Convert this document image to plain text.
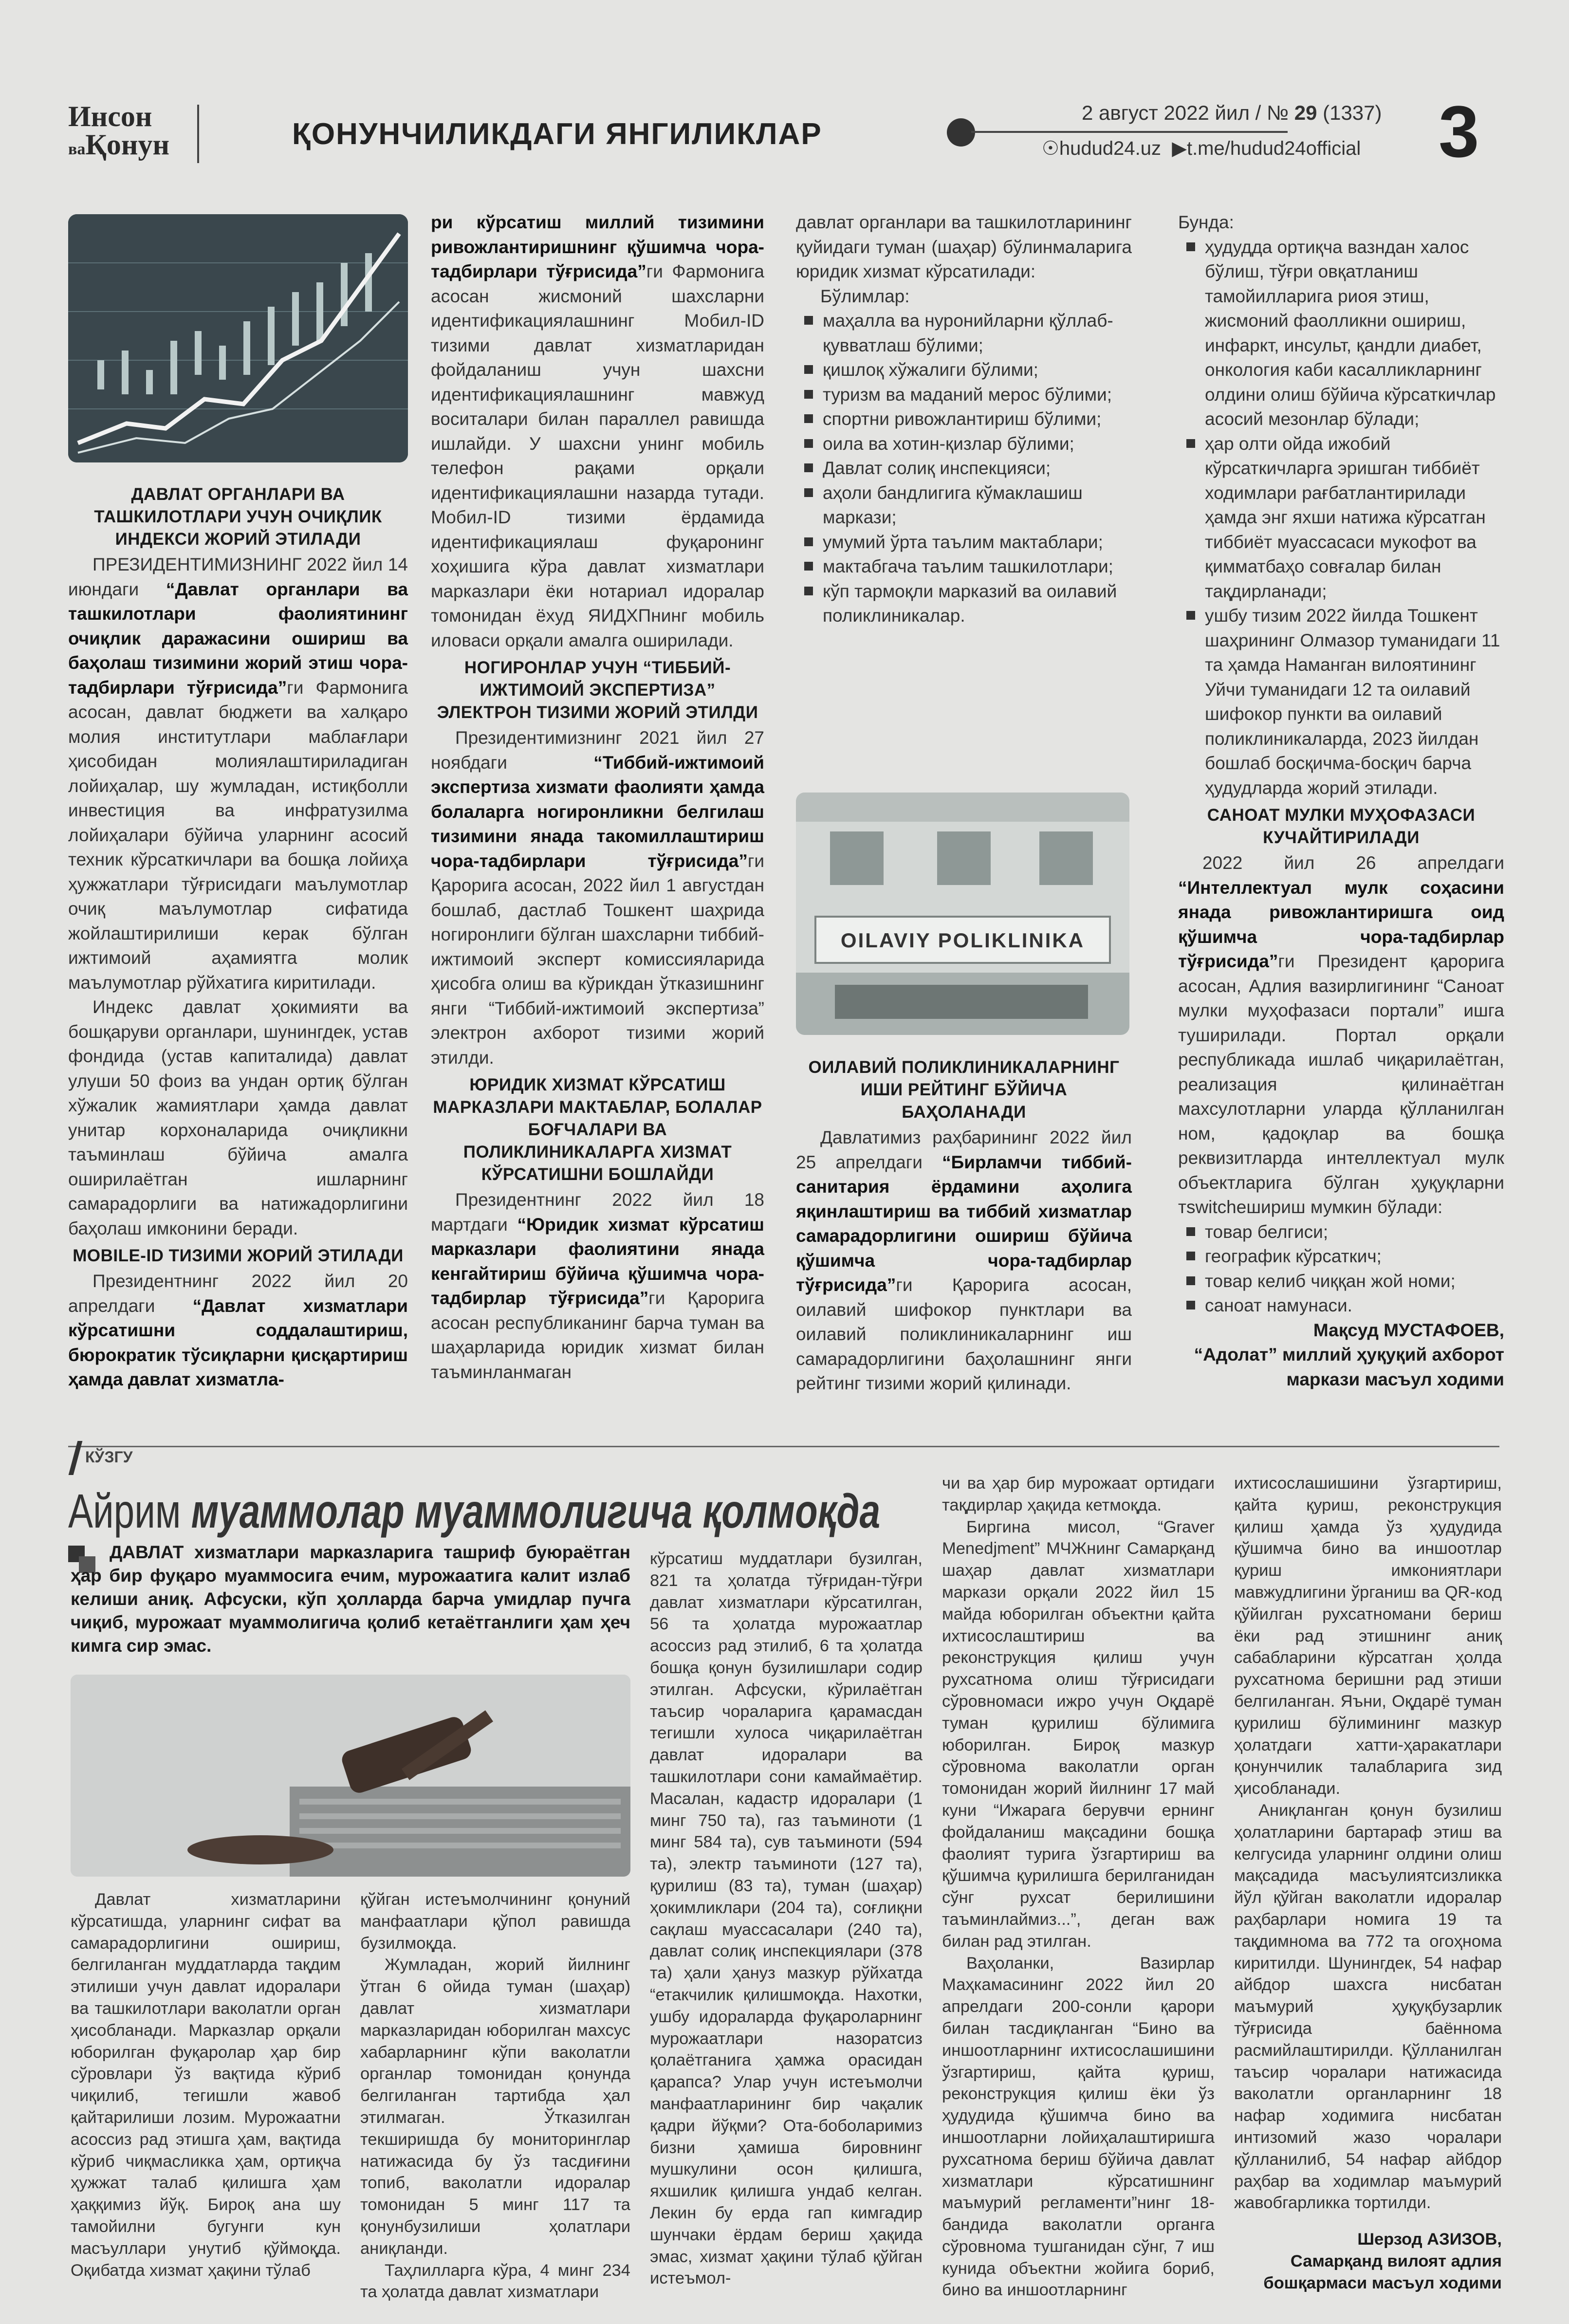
Инсон
ваҚонун	ҚОНУНЧИЛИКДАГИ ЯНГИЛИКЛАР
2 август 2022 йил / № 29 (1337)
☉hudud24.uz ▶t.me/hudud24official 3
ДАВЛАТ ОРГАНЛАРИ ВА ТАШКИЛОТЛАРИ УЧУН ОЧИҚЛИК ИНДЕКСИ ЖОРИЙ ЭТИЛАДИ

ПРЕЗИДЕНТИМИЗНИНГ 2022 йил 14 июндаги “Давлат органлари ва ташкилотлари фаолиятининг очиқлик даражасини ошириш ва баҳолаш тизимини жорий этиш чора-тадбирлари тўғрисида”ги Фармонига асосан, давлат бюджети ва халқаро молия институтлари маблағлари ҳисобидан молиялаштириладиган лойиҳалар, шу жумладан, истиқболли инвестиция ва инфратузилма лойиҳалари бўйича уларнинг асосий техник кўрсаткичлари ва бошқа лойиҳа ҳужжатлари тўғрисидаги маълумотлар очиқ маълумотлар сифатида жойлаштирилиши керак бўлган ижтимоий аҳамиятга молик маълумотлар рўйхатига киритилади.

Индекс давлат ҳокимияти ва бошқаруви органлари, шунингдек, устав фондида (устав капиталида) давлат улуши 50 фоиз ва ундан ортиқ бўлган хўжалик жамиятлари ҳамда давлат унитар корхоналарида очиқликни таъминлаш бўйича амалга оширилаётган ишларнинг самарадорлиги ва натижадорлигини баҳолаш имконини беради.

MOBILE-ID ТИЗИМИ ЖОРИЙ ЭТИЛАДИ

Президентнинг 2022 йил 20 апрелдаги “Давлат хизматлари кўрсатишни соддалаштириш, бюрократик тўсиқларни қисқартириш ҳамда давлат хизматла-

ри кўрсатиш миллий тизимини ривожлантиришнинг қўшимча чора-тадбирлари тўғрисида”ги Фармонига асосан жисмоний шахсларни идентификациялашнинг Мобил-ID тизими давлат хизматларидан фойдаланиш учун шахсни идентификациялашнинг мавжуд воситалари билан параллел равишда ишлайди. У шахсни унинг мобиль телефон рақами орқали идентификациялашни назарда тутади. Мобил-ID тизими ёрдамида идентификациялаш фуқаронинг хоҳишига кўра давлат хизматлари марказлари ёки нотариал идоралар томонидан ёхуд ЯИДХПнинг мобиль иловаси орқали амалга оширилади.

НОГИРОНЛАР УЧУН “ТИББИЙ-ИЖТИМОИЙ ЭКСПЕРТИЗА” ЭЛЕКТРОН ТИЗИМИ ЖОРИЙ ЭТИЛДИ

Президентимизнинг 2021 йил 27 ноябдаги “Тиббий-ижтимоий экспертиза хизмати фаолияти ҳамда болаларга ногиронликни белгилаш тизимини янада такомиллаштириш чора-тадбирлари тўғрисида”ги Қарорига асосан, 2022 йил 1 августдан бошлаб, дастлаб Тошкент шаҳрида ногиронлиги бўлган шахсларни тиббий-ижтимоий эксперт комиссияларида ҳисобга олиш ва кўрикдан ўтказишнинг янги “Тиббий-ижтимоий экспертиза” электрон ахборот тизими жорий этилди.

ЮРИДИК ХИЗМАТ КЎРСАТИШ МАРКАЗЛАРИ МАКТАБЛАР, БОЛАЛАР БОҒЧАЛАРИ ВА ПОЛИКЛИНИКАЛАРГА ХИЗМАТ КЎРСАТИШНИ БОШЛАЙДИ

Президентнинг 2022 йил 18 мартдаги “Юридик хизмат кўрсатиш марказлари фаолиятини янада кенгайтириш бўйича қўшимча чора-тадбирлар тўғрисида”ги Қарорига асосан республиканинг барча туман ва шаҳарларида юридик хизмат билан таъминланмаган

давлат органлари ва ташкилотларининг қуйидаги туман (шаҳар) бўлинмаларига юридик хизмат кўрсатилади:

Бўлимлар:

маҳалла ва нуронийларни қўллаб-қувватлаш бўлими;
қишлоқ хўжалиги бўлими;
туризм ва маданий мерос бўлими;
спортни ривожлантириш бўлими;
оила ва хотин-қизлар бўлими;
Давлат солиқ инспекцияси;
аҳоли бандлигига кўмаклашиш маркази;
умумий ўрта таълим мактаблари;
мактабгача таълим ташкилотлари;
кўп тармоқли марказий ва оилавий поликлиникалар.
OILAVIY POLIKLINIKA
ОИЛАВИЙ ПОЛИКЛИНИКАЛАРНИНГ ИШИ РЕЙТИНГ БЎЙИЧА БАҲОЛАНАДИ

Давлатимиз раҳбарининг 2022 йил 25 апрелдаги “Бирламчи тиббий-санитария ёрдамини аҳолига яқинлаштириш ва тиббий хизматлар самарадорлигини ошириш бўйича қўшимча чора-тадбирлар тўғрисида”ги Қарорига асосан, оилавий шифокор пунктлари ва оилавий поликлиникаларнинг иш самарадорлигини баҳолашнинг янги рейтинг тизими жорий қилинади.

Бунда:

ҳудудда ортиқча вазндан халос бўлиш, тўғри овқатланиш тамойилларига риоя этиш, жисмоний фаолликни ошириш, инфаркт, инсульт, қандли диабет, онкология каби касалликларнинг олдини олиш бўйича кўрсаткичлар асосий мезонлар бўлади;
ҳар олти ойда ижобий кўрсаткичларга эришган тиббиёт ходимлари рағбатлантирилади ҳамда энг яхши натижа кўрсатган тиббиёт муассасаси мукофот ва қимматбаҳо совғалар билан тақдирланади;
ушбу тизим 2022 йилда Тошкент шаҳрининг Олмазор туманидаги 11 та ҳамда Наманган вилоятининг Уйчи туманидаги 12 та оилавий шифокор пункти ва оилавий поликлиникаларда, 2023 йилдан бошлаб босқичма-босқич барча ҳудудларда жорий этилади.
САНОАТ МУЛКИ МУҲОФАЗАСИ КУЧАЙТИРИЛАДИ

2022 йил 26 апрелдаги “Интеллектуал мулк соҳасини янада ривожлантиришга оид қўшимча чора-тадбирлар тўғрисида”ги Президент қарорига асосан, Адлия вазирлигининг “Саноат мулки муҳофазаси портали” ишга туширилади. Портал орқали республикада ишлаб чиқарилаётган, реализация қилинаётган махсулотларни уларда қўлланилган ном, қадоқлар ва бошқа реквизитларда интеллектуал мулк объектларига бўлган ҳуқуқларни тswitchешириш мумкин бўлади:

товар белгиси;
географик кўрсаткич;
товар келиб чиққан жой номи;
саноат намунаси.
Мақсуд МУСТАФОЕВ,
“Адолат” миллий ҳуқуқий ахборот
маркази масъул ходими
КЎЗГУ
Айрим муаммолар муаммолигича қолмоқда
ДАВЛАТ хизматлари марказларига ташриф буюраётган ҳар бир фуқаро муаммосига ечим, мурожаатига калит излаб келиши аниқ. Афсуски, кўп ҳолларда барча умидлар пучга чиқиб, мурожаат муаммолигича қолиб кетаётганлиги ҳам ҳеч кимга сир эмас.

Давлат хизматларини кўрсатишда, уларнинг сифат ва самарадорлигини ошириш, белгиланган муддатларда тақдим этилиши учун давлат идоралари ва ташкилотлари ваколатли орган ҳисобланади. Марказлар орқали юборилган фуқаролар ҳар бир сўровлари ўз вақтида кўриб чиқилиб, тегишли жавоб қайтарилиши лозим. Мурожаатни асоссиз рад этишга ҳам, вақтида кўриб чиқмасликка ҳам, ортиқча ҳужжат талаб қилишга ҳам ҳаққимиз йўқ. Бироқ ана шу тамойилни бугунги кун масъуллари унутиб қўймоқда. Оқибатда хизмат ҳақини тўлаб

қўйган истеъмолчининг қонуний манфаатлари қўпол равишда бузилмоқда.

Жумладан, жорий йилнинг ўтган 6 ойида туман (шаҳар) давлат хизматлари марказларидан юборилган махсус хабарларнинг кўпи ваколатли органлар томонидан қонунда белгиланган тартибда ҳал этилмаган. Ўтказилган текширишда бу мониторинглар натижасида бу ўз тасдиғини топиб, ваколатли идоралар томонидан 5 минг 117 та қонунбузилиши ҳолатлари аниқланди.

Таҳлилларга кўра, 4 минг 234 та ҳолатда давлат хизматлари

кўрсатиш муддатлари бузилган, 821 та ҳолатда тўғридан-тўғри давлат хизматлари кўрсатилган, 56 та ҳолатда мурожаатлар асоссиз рад этилиб, 6 та ҳолатда бошқа қонун бузилишлари содир этилган. Афсуски, кўрилаётган таъсир чораларига қарамасдан тегишли хулоса чиқарилаётган давлат идоралари ва ташкилотлари сони камаймаётир. Масалан, кадастр идоралари (1 минг 750 та), газ таъминоти (1 минг 584 та), сув таъминоти (594 та), электр таъминоти (127 та), қурилиш (83 та), туман (шаҳар) ҳокимликлари (204 та), соғлиқни сақлаш муассасалари (240 та), давлат солиқ инспекциялари (378 та) ҳали ҳануз мазкур рўйхатда “етакчилик қилишмоқда. Нахотки, ушбу идораларда фуқароларнинг мурожаатлари назоратсиз қолаётганига ҳамжа орасидан қарапса? Улар учун истеъмолчи манфаатларининг бир чақалик қадри йўқми? Ота-боболаримиз бизни ҳамиша бировнинг мушкулини осон қилишга, яхшилик қилишга ундаб келган. Лекин бу ерда гап кимгадир шунчаки ёрдам бериш ҳақида эмас, хизмат ҳақини тўлаб қўйган истеъмол-

чи ва ҳар бир мурожаат ортидаги тақдирлар ҳақида кетмоқда.

Биргина мисол, “Graver Menedjment” МЧЖнинг Самарқанд шаҳар давлат хизматлари маркази орқали 2022 йил 15 майда юборилган объектни қайта ихтисослаштириш ва реконструкция қилиш учун рухсатнома олиш тўғрисидаги сўровномаси ижро учун Оқдарё туман қурилиш бўлимига юборилган. Бироқ мазкур сўровнома ваколатли орган томонидан жорий йилнинг 17 май куни “Ижарага берувчи ернинг фойдаланиш мақсадини бошқа фаолият турига ўзгартириш ва қўшимча қурилишга берилганидан сўнг рухсат берилишини таъминлаймиз...”, деган важ билан рад этилган.

Ваҳоланки, Вазирлар Маҳкамасининг 2022 йил 20 апрелдаги 200-сонли қарори билан тасдиқланган “Бино ва иншоотларнинг ихтисослашишини ўзгартириш, қайта қуриш, реконструкция қилиш ёки ўз ҳудудида қўшимча бино ва иншоотларни лойиҳалаштиришга рухсатнома бериш бўйича давлат хизматлари кўрсатишнинг маъмурий регламенти”нинг 18-бандида ваколатли органга сўровнома тушганидан сўнг, 7 иш кунида объектни жойига бориб, бино ва иншоотларнинг

ихтисослашишини ўзгартириш, қайта қуриш, реконструкция қилиш ҳамда ўз ҳудудида қўшимча бино ва иншоотлар қуриш имкониятлари мавжудлигини ўрганиш ва QR-код қўйилган рухсатномани бериш ёки рад этишнинг аниқ сабабларини кўрсатган ҳолда рухсатнома беришни рад этиши белгиланган. Яъни, Оқдарё туман қурилиш бўлимининг мазкур ҳолатдаги хатти-ҳаракатлари қонунчилик талабларига зид ҳисобланади.

Аниқланган қонун бузилиш ҳолатларини бартараф этиш ва келгусида уларнинг олдини олиш мақсадида масъулиятсизликка йўл қўйган ваколатли идоралар раҳбарлари номига 19 та тақдимнома ва 772 та огоҳнома киритилди. Шунингдек, 54 нафар айбдор шахсга нисбатан маъмурий ҳуқуқбузарлик тўғрисида баённома расмийлаштирилди. Қўлланилган таъсир чоралари натижасида ваколатли органларнинг 18 нафар ходимига нисбатан интизомий жазо чоралари қўлланилиб, 54 нафар айбдор раҳбар ва ходимлар маъмурий жавобгарликка тортилди.

Шерзод АЗИЗОВ,
Самарқанд вилоят адлия
бошқармаси масъул ходими
